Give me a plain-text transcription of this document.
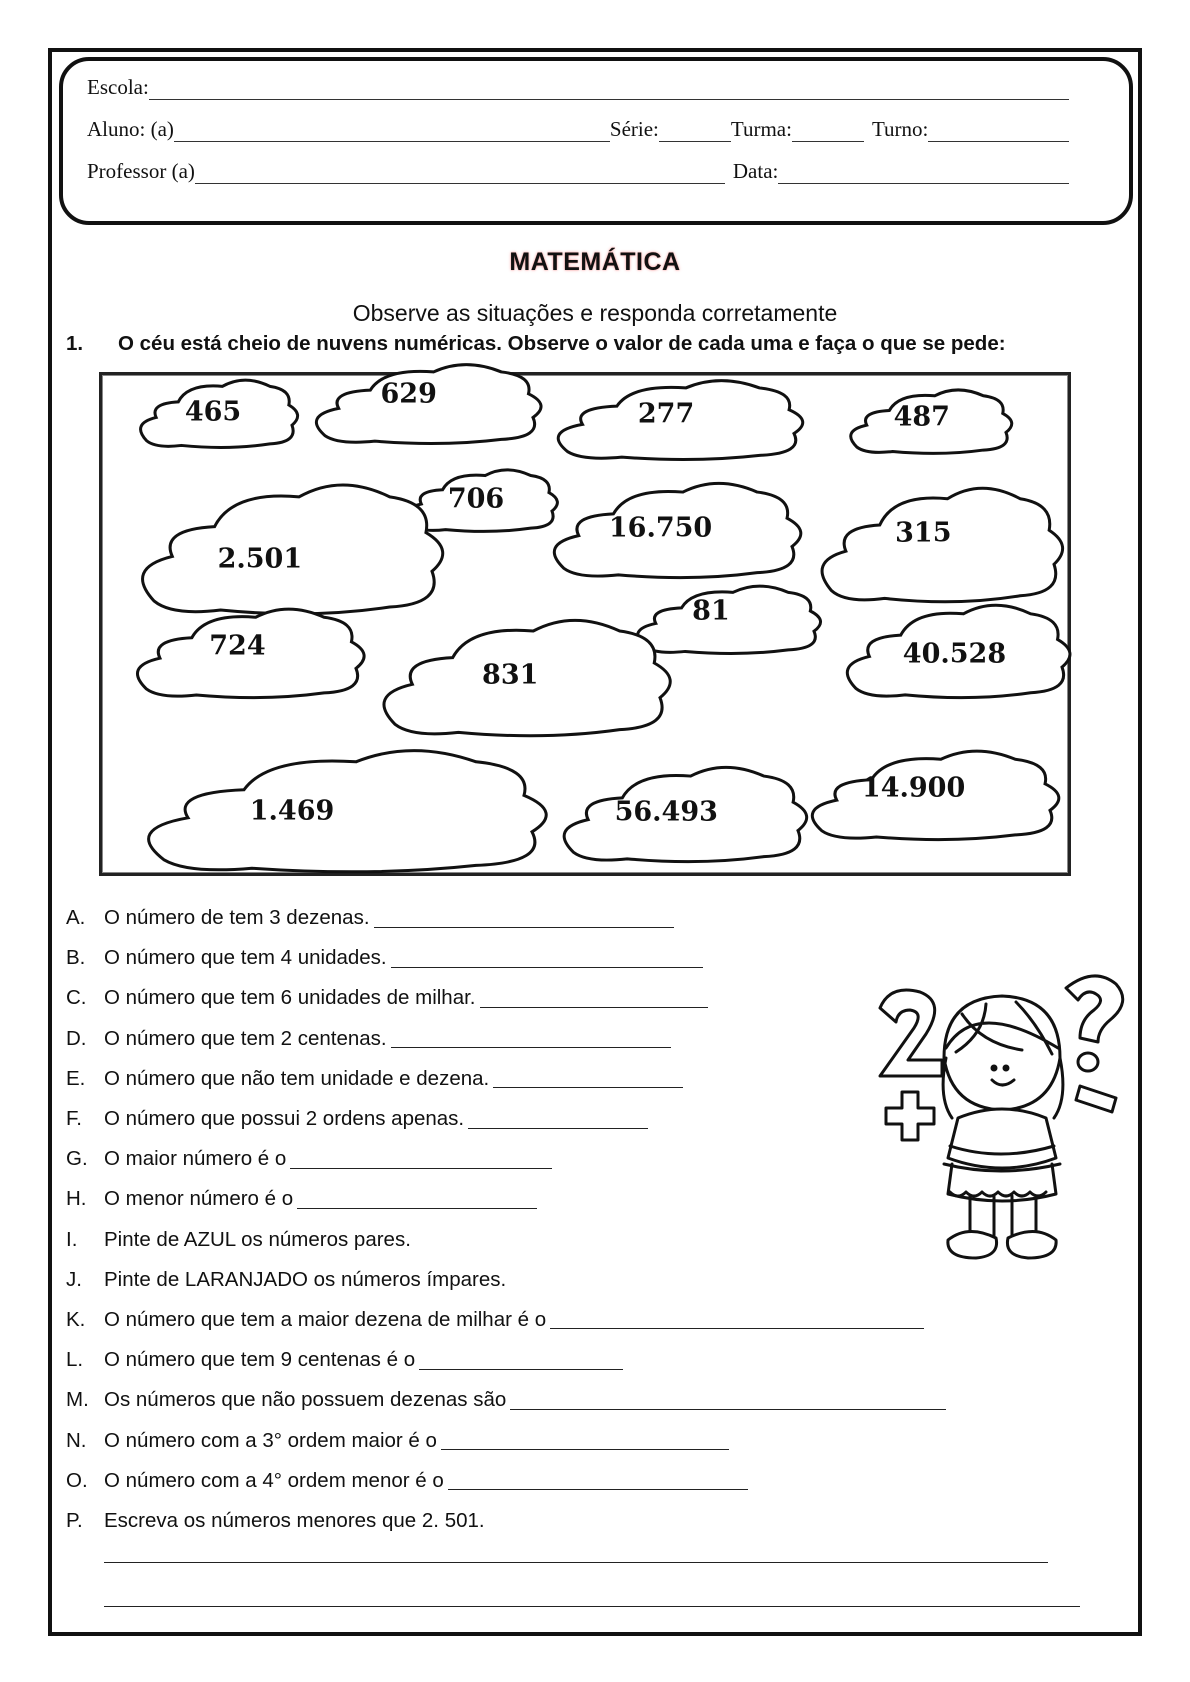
Escola:
Aluno: (a)	Série:	Turma:	Turno:
Professor (a)	Data:
MATEMÁTICA
Observe as situações e responda corretamente
1. O céu está cheio de nuvens numéricas. Observe o valor de cada uma e faça o que se pede:
465
629
277	487
706
2.501
16.750	315
81
724
831
40.528
1.469	56.493
14.900
A. O número de tem 3 dezenas.
B. O número que tem 4 unidades.
C. O número que tem 6 unidades de milhar.
D. O número que tem 2 centenas.
E. O número que não tem unidade e dezena.
F.	O número que possui 2 ordens apenas.
G. O maior número é o
H. O menor número é o
I.	Pinte de AZUL os números pares.
J.	Pinte de LARANJADO os números ímpares.
K. O número que tem a maior dezena de milhar é o
L.	O número que tem 9 centenas é o
M. Os números que não possuem dezenas são
N. O número com a 3° ordem maior é o
O. O número com a 4° ordem menor é o
P.	Escreva os números menores que 2. 501.
